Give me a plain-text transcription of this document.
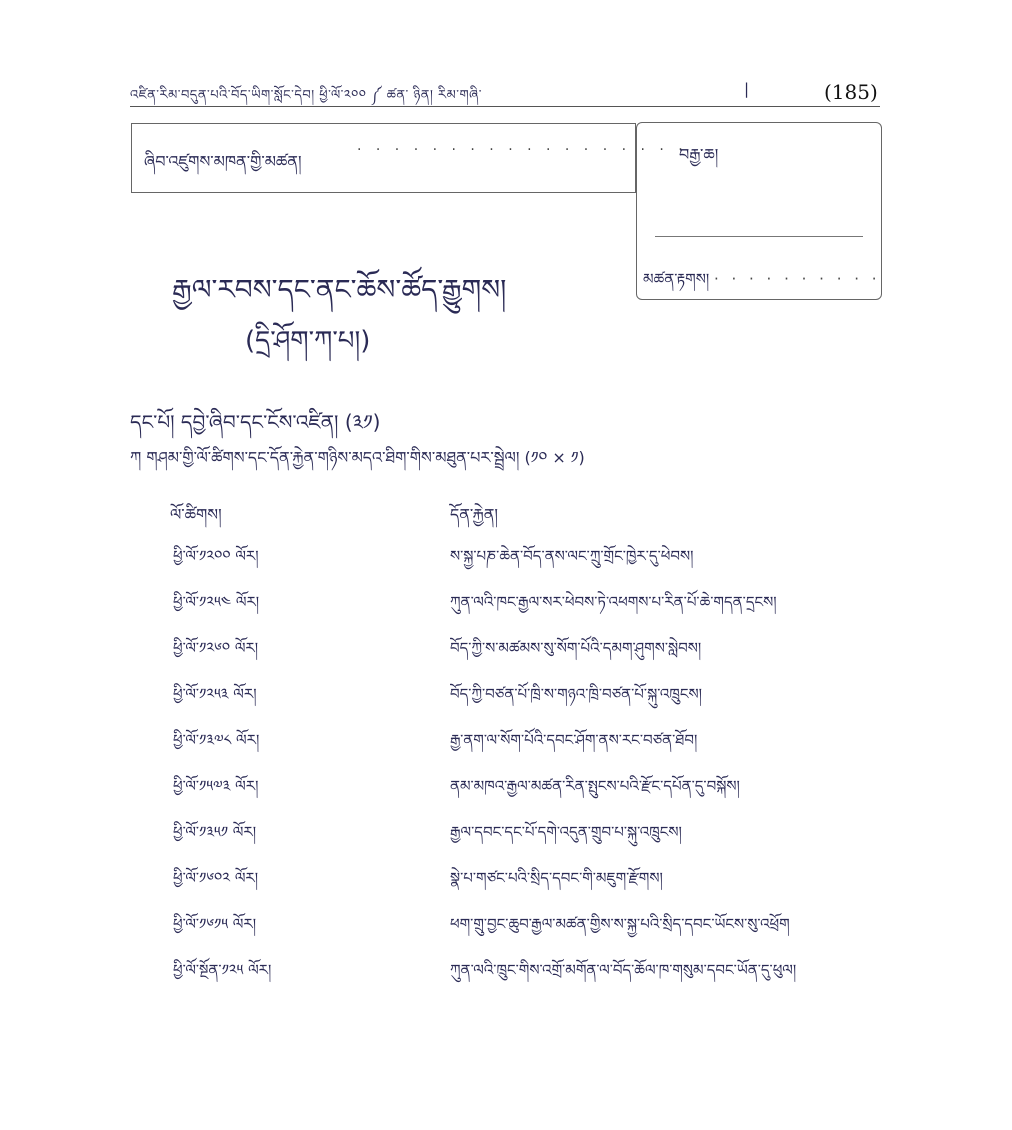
འཛིན་རིམ་བདུན་པའི་བོད་ཡིག་སློང་དེབ། ཕྱི་ལོ་༢༠༠ ༼ ཚན་ ཉིན། རིམ་གཞི་	|	(185)
ཞིབ་འཛུགས་མཁན་གྱི་མཚན།
· · · · · · · · · · · · · · · · · ·
བརྒྱ་ཆ།
མཚན་རྟགས། · · · · · · · · · ·
རྒྱལ་རབས་དང་ནང་ཆོས་ཚོད་རྒྱུགས།
(དྲི་ཤོག་ཀ་པ།)
དང་པོ། དབྱེ་ཞིབ་དང་ངོས་འཛིན། (༣༡)
ཀ གཤམ་གྱི་ལོ་ཚིགས་དང་དོན་རྐྱེན་གཉིས་མདའ་ཐིག་གིས་མཐུན་པར་སྦྲེལ། (༡༠ × ༡)
ལོ་ཚིགས།	དོན་རྐྱེན།
ཕྱི་ལོ་༡༢༠༠ ལོར།	ས་སྐྱ་པཎ་ཆེན་བོད་ནས་ལང་ཀྲུ་གྲོང་ཁྱེར་དུ་ཕེབས།
ཕྱི་ལོ་༡༢༥༤ ལོར།	ཀུན་ལའི་ཁང་རྒྱལ་སར་ཕེབས་ཏེ་འཕགས་པ་རིན་པོ་ཆེ་གདན་དྲངས།
ཕྱི་ལོ་༡༢༦༠ ལོར།	བོད་ཀྱི་ས་མཚམས་སུ་སོག་པོའི་དམག་ཤུགས་སླེབས།
ཕྱི་ལོ་༡༢༥༣ ལོར།	བོད་ཀྱི་བཙན་པོ་ཁྲི་ས་གཉའ་ཁྲི་བཙན་པོ་སྐུ་འཁྲུངས།
ཕྱི་ལོ་༡༣༧༨ ལོར།	རྒྱ་ནག་ལ་སོག་པོའི་དབང་ཤོག་ནས་རང་བཙན་ཐོབ།
ཕྱི་ལོ་༡༥༧༣ ལོར།	ནམ་མཁའ་རྒྱལ་མཚན་རིན་སྤུངས་པའི་རྫོང་དཔོན་དུ་བསྐོས།
ཕྱི་ལོ་༡༣༥༡ ལོར།	རྒྱལ་དབང་དང་པོ་དགེ་འདུན་གྲུབ་པ་སྐུ་འཁྲུངས།
ཕྱི་ལོ་༡༦༠༢ ལོར།	སྣེ་པ་གཙང་པའི་སྲིད་དབང་གི་མཇུག་རྫོགས།
ཕྱི་ལོ་༡༦༡༥ ལོར།	ཕག་གྲུ་བྱང་ཆུབ་རྒྱལ་མཚན་གྱིས་ས་སྐྱ་པའི་སྲིད་དབང་ཡོངས་སུ་འཕྲོག
ཕྱི་ལོ་སྔོན་༡༢༥ ལོར།	ཀུན་ལའི་ཁྲུང་གིས་འགྲོ་མགོན་ལ་བོད་ཆོལ་ཁ་གསུམ་དབང་ཡོན་དུ་ཕུལ།
